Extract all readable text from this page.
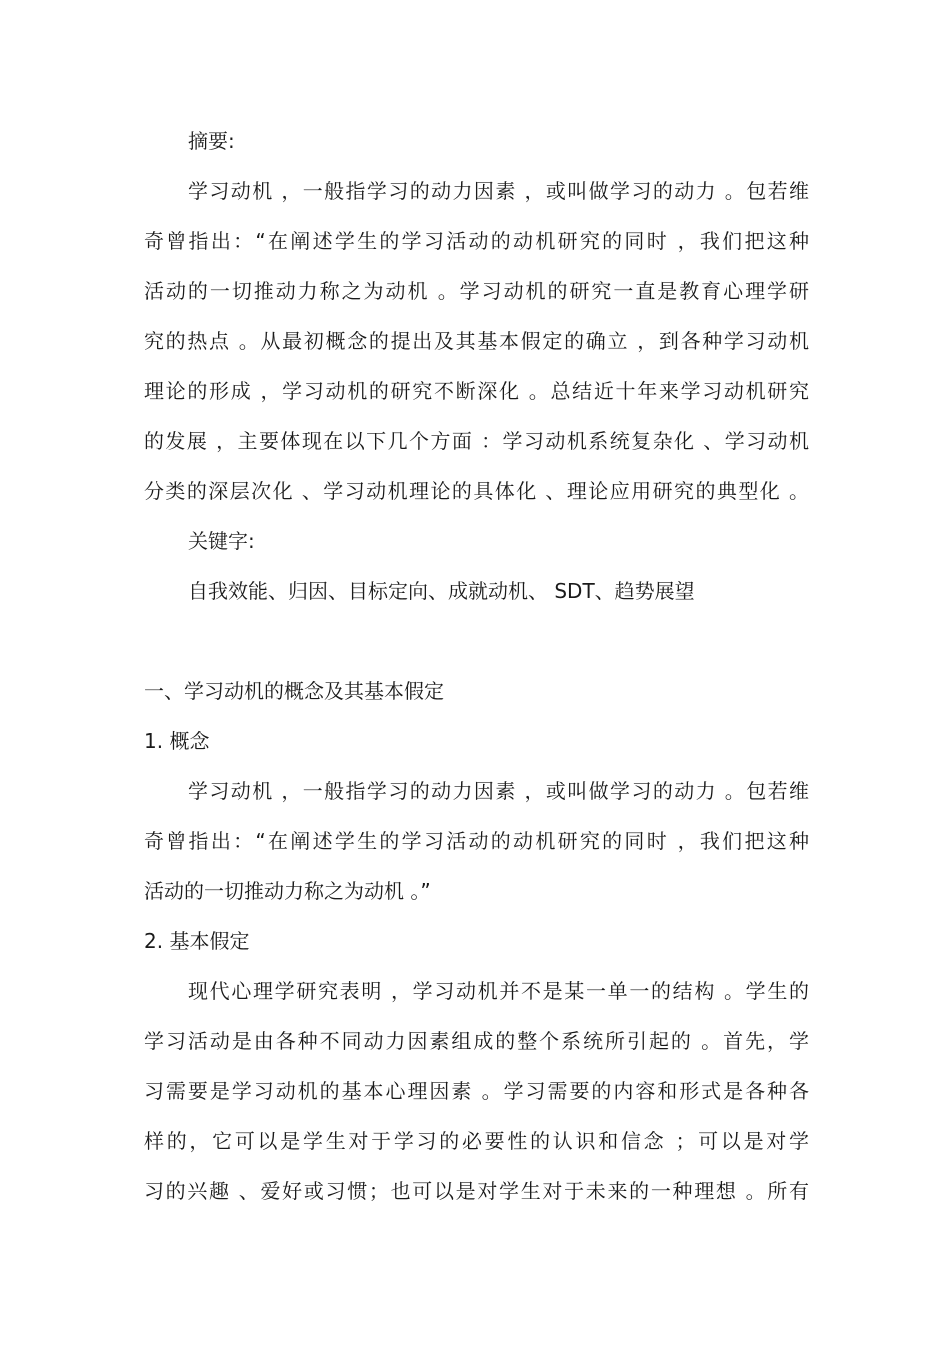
摘要:
学习动机 ，一般指学习的动力因素 ，或叫做学习的动力 。包若维
奇曾指出：“在阐述学生的学习活动的动机研究的同时 ，我们把这种
活动的一切推动力称之为动机 。学习动机的研究一直是教育心理学研
究的热点 。从最初概念的提出及其基本假定的确立 ，到各种学习动机
理论的形成 ，学习动机的研究不断深化 。总结近十年来学习动机研究
的发展 ，主要体现在以下几个方面 ：学习动机系统复杂化 、学习动机
分类的深层次化 、学习动机理论的具体化 、理论应用研究的典型化 。
关键字:
自我效能、归因、目标定向、成就动机、 SDT、趋势展望
一、学习动机的概念及其基本假定
1. 概念
学习动机 ，一般指学习的动力因素 ，或叫做学习的动力 。包若维
奇曾指出：“在阐述学生的学习活动的动机研究的同时 ，我们把这种
活动的一切推动力称之为动机 。”
2. 基本假定
现代心理学研究表明 ，学习动机并不是某一单一的结构 。学生的
学习活动是由各种不同动力因素组成的整个系统所引起的 。首先，学
习需要是学习动机的基本心理因素 。学习需要的内容和形式是各种各
样的，它可以是学生对于学习的必要性的认识和信念 ；可以是对学
习的兴趣 、爱好或习惯；也可以是对学生对于未来的一种理想 。所有
